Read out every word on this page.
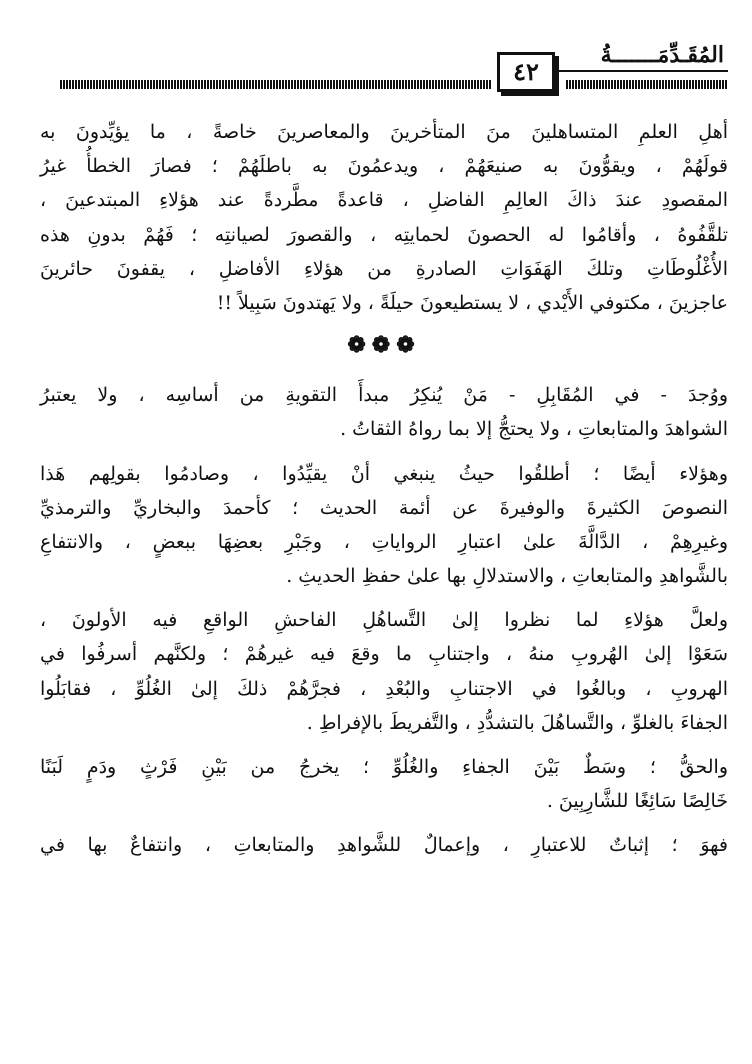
المُقَـدِّمَـــــــةُ
٤٢
أهلِ العلمِ المتساهلينَ منَ المتأخرينَ والمعاصرينَ خاصةً ، ما يؤيِّدونَ به
قولَهُمْ ، ويقوُّونَ به صنيعَهُمْ ، ويدعمُونَ به باطلَهُمْ ؛ فصارَ الخطأُ غيرُ
المقصودِ عندَ ذاكَ العالِمِ الفاضلِ ، قاعدةً مطَّردةً عند هؤلاءِ المبتدعينَ ،
تلقَّفُوهُ ، وأقامُوا له الحصونَ لحمايتِه ، والقصورَ لصيانتِه ؛ فَهُمْ بدونِ هذه
الأُغْلُوطَاتِ وتلكَ الهَفَوَاتِ الصادرةِ من هؤلاءِ الأفاضلِ ، يقفونَ حائرينَ
عاجزينَ ، مكتوفي الأَيْدي ، لا يستطيعونَ حيلَةً ، ولا يَهتدونَ سَبِيلاً !!
❁❁❁
ووُجدَ - في المُقَابِلِ - مَنْ يُنكِرُ مبدأَ التقويةِ من أساسِه ، ولا يعتبرُ
الشواهدَ والمتابعاتِ ، ولا يحتجُّ إلا بما رواهُ الثقاتُ .
وهؤلاء أيضًا ؛ أطلقُوا حيثُ ينبغي أنْ يقيِّدُوا ، وصادمُوا بقولِهم هَذا
النصوصَ الكثيرةَ والوفيرةَ عن أئمة الحديث ؛ كأحمدَ والبخاريِّ والترمذيِّ
وغيرِهِمْ ، الدَّالَّةَ علىٰ اعتبارِ الرواياتِ ، وجَبْرِ بعضِهَا ببعضٍ ، والانتفاعِ
بالشَّواهدِ والمتابعاتِ ، والاستدلالِ بها علىٰ حفظِ الحديثِ .
ولعلَّ هؤلاءِ لما نظروا إلىٰ التَّساهُلِ الفاحشِ الواقعِ فيه الأولونَ ،
سَعَوْا إلىٰ الهُروبِ منهُ ، واجتنابِ ما وقعَ فيه غيرهُمْ ؛ ولكنَّهم أسرفُوا في
الهروبِ ، وبالغُوا في الاجتنابِ والبُعْدِ ، فجرَّهُمْ ذلكَ إلىٰ الغُلُوِّ ، فقابَلُوا
الجفاءَ بالغلوِّ ، والتَّساهُلَ بالتشدُّدِ ، والتَّفريطَ بالإفراطِ .
والحقُّ ؛ وسَطٌ بَيْنَ الجفاءِ والغُلُوِّ ؛ يخرجُ من بَيْنِ فَرْثٍ ودَمٍ لَبَنًا
خَالِصًا سَائِغًا للشَّارِبِينَ .
فهوَ ؛ إثباتٌ للاعتبارِ ، وإعمالٌ للشَّواهدِ والمتابعاتِ ، وانتفاعٌ بها في
